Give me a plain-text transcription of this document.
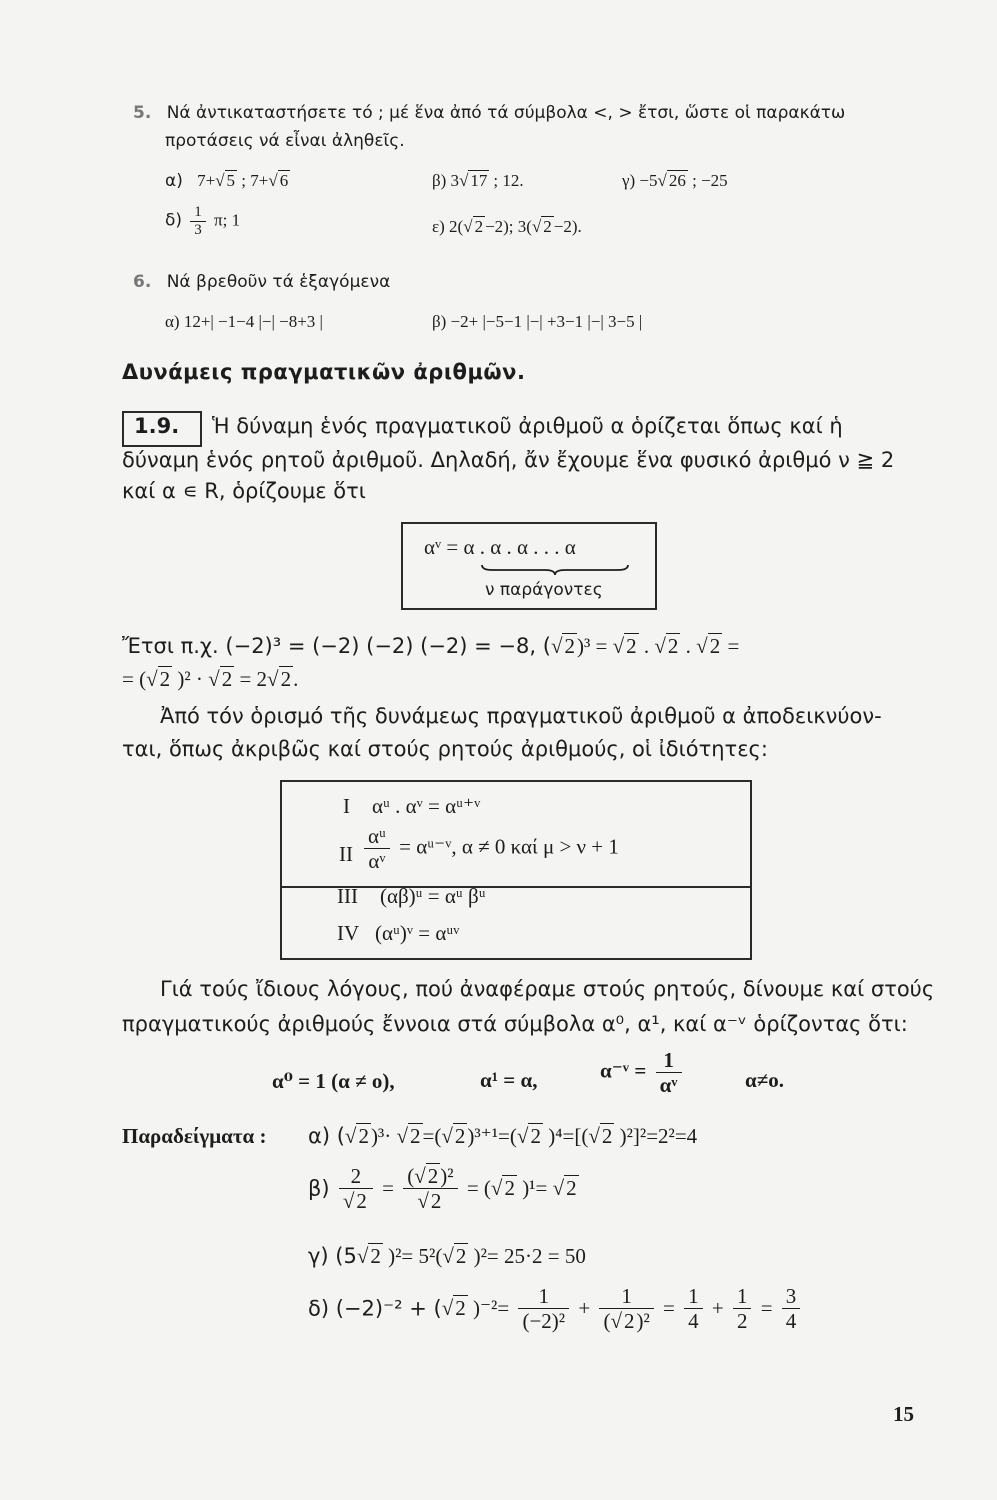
5. Νά ἀντικαταστήσετε τό ; μέ ἕνα ἀπό τά σύμβολα <, > ἔτσι, ὥστε οἱ παρακάτω
προτάσεις νά εἶναι ἀληθεῖς.
α) 7+√ 5 ; 7+√ 6	β) 3√ 17 ; 12.	γ) −5√ 26 ; −25
$\delta) \frac{1}{3} \pi$; 1	ε) 2(√ 2 −2); 3(√ 2 −2).
6. Νά βρεθοῦν τά ἑξαγόμενα
α) 12+| −1−4 |−| −8+3 |	β) −2+ |−5−1 |−| +3−1 |−| 3−5 |
Δυνάμεις πραγματικῶν ἀριθμῶν.
1.9. Ἡ δύναμη ἑνός πραγματικοῦ ἀριθμοῦ α ὁρίζεται ὅπως καί ἡ
δύναμη ἑνός ρητοῦ ἀριθμοῦ. Δηλαδή, ἄν ἔχουμε ἕνα φυσικό ἀριθμό ν ≧ 2
καί α ∊ R, ὁρίζουμε ὅτι
αᵛ = α . α . α . . . α
ν παράγοντες
Ἔτσι π.χ. (−2)³ = (−2) (−2) (−2) = −8, (√2)³ = √2 . √2 . √2 =
= (√2 )² · √2 = 2√2.
Ἀπό τόν ὁρισμό τῆς δυνάμεως πραγματικοῦ ἀριθμοῦ α ἀποδεικνύον-
ται, ὅπως ἀκριβῶς καί στούς ρητούς ἀριθμούς, οἱ ἰδιότητες:
I αᵘ . αᵛ = αᵘ⁺ᵛ
II $\frac{\text{αᵘ}}{\text{αᵛ}}$ = αᵘ⁻ᵛ, α ≠ 0 καί μ > ν + 1
III (αβ)ᵘ = αᵘ βᵘ
IV (αᵘ)ᵛ = αᵘᵛ
Γιά τούς ἴδιους λόγους, πού ἀναφέραμε στούς ρητούς, δίνουμε καί στούς
πραγματικούς ἀριθμούς ἔννοια στά σύμβολα α⁰, α¹, καί α⁻ᵛ ὁρίζοντας ὅτι:
α⁰ = 1 (α ≠ ο),	α¹ = α,	α⁻ᵛ = $\frac{1}{\text{αᵛ}}$	α≠ο.
Παραδείγματα : α) (√2)³· √2=(√2)³⁺¹=(√2 )⁴=[(√2 )²]²=2²=4
$\beta) \frac{2}{√2} = \frac{\text{(√2)²}}{√2} = (√2$ )¹= √2
γ) (5√2 )²= 5²(√2 )²= 25·2 = 50
δ) (−2)⁻² + (√2 )$^{-2}= \frac{1}{\text{(−2)²}} + \frac{1}{\text{(√2)²}} = \frac{1}{4} + \frac{1}{2} = \frac{3}{4}$
15
